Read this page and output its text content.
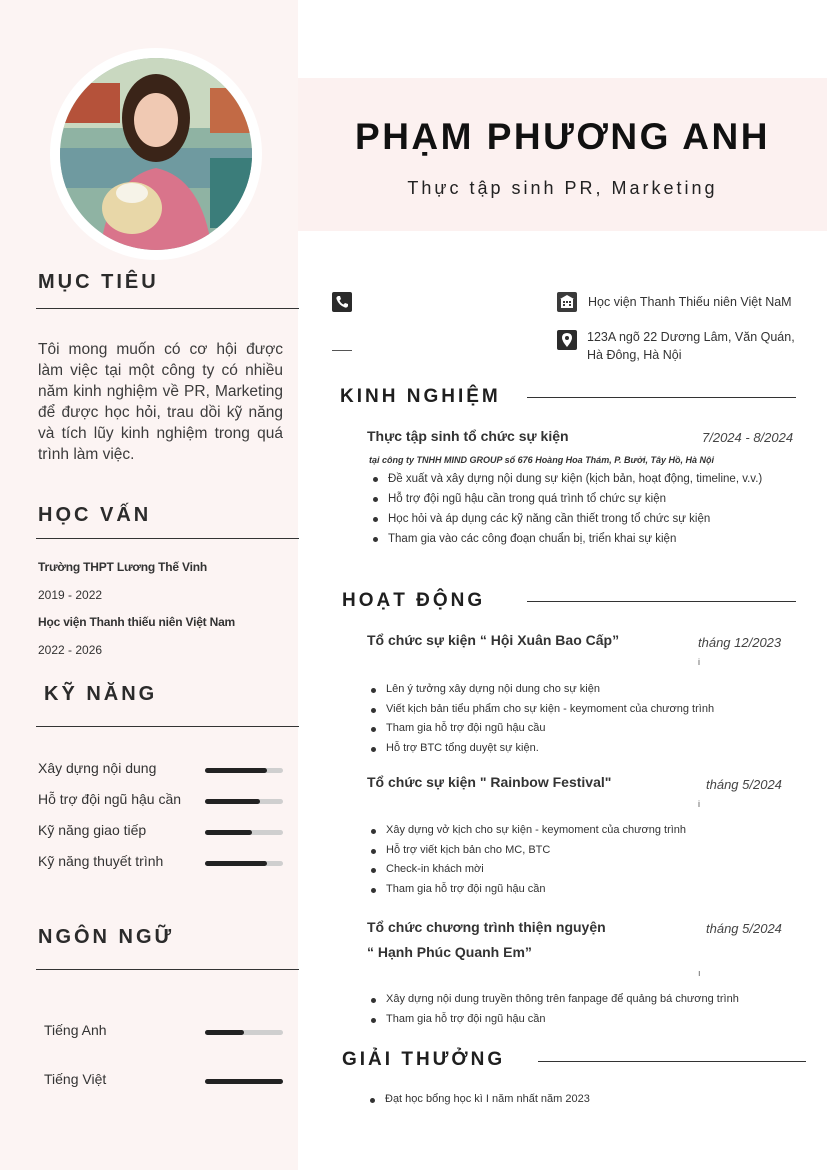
MỤC TIÊU
Tôi mong muốn có cơ hội được làm việc tại một công ty có nhiều năm kinh nghiệm về PR, Marketing để được học hỏi, trau dồi kỹ năng và tích lũy kinh nghiệm trong quá trình làm việc.
HỌC VẤN
Trường THPT Lương Thế Vinh
2019 - 2022
Học viện Thanh thiếu niên Việt Nam
2022 - 2026
KỸ NĂNG
Xây dựng nội dung
Hỗ trợ đội ngũ hậu cần
Kỹ năng giao tiếp
Kỹ năng thuyết trình
NGÔN NGỮ
Tiếng Anh
Tiếng Việt
PHẠM PHƯƠNG ANH
Thực tập sinh PR, Marketing
Học viện Thanh Thiếu niên Việt NaM
123A ngõ 22 Dương Lâm, Văn Quán, Hà Đông, Hà Nội
KINH NGHIỆM
Thực tập sinh tổ chức sự kiện	7/2024 - 8/2024
tại công ty TNHH MIND GROUP số 676 Hoàng Hoa Thám, P. Bưởi, Tây Hồ, Hà Nội
Đề xuất và xây dựng nội dung sự kiện (kịch bản, hoạt động, timeline, v.v.)
Hỗ trợ đội ngũ hậu cần trong quá trình tổ chức sự kiện
Học hỏi và áp dụng các kỹ năng cần thiết trong tổ chức sự kiện
Tham gia vào các công đoạn chuẩn bị, triển khai sự kiện
HOẠT ĐỘNG
Tổ chức sự kiện “ Hội Xuân Bao Cấp”	tháng 12/2023
i
Lên ý tưởng xây dựng nội dung cho sự kiện
Viết kịch bản tiểu phẩm cho sự kiện - keymoment của chương trình
Tham gia hỗ trợ đội ngũ hậu cầu
Hỗ trợ BTC tổng duyệt sự kiện.
Tổ chức sự kiện " Rainbow Festival"	tháng 5/2024
i
Xây dựng vở kịch cho sự kiện - keymoment của chương trình
Hỗ trợ viết kịch bản cho MC, BTC
Check-in khách mời
Tham gia hỗ trợ đội ngũ hậu cần
Tổ chức chương trình thiện nguyện
“ Hạnh Phúc Quanh Em”
tháng 5/2024
ı
Xây dựng nội dung truyền thông trên fanpage để quảng bá chương trình
Tham gia hỗ trợ đội ngũ hậu cần
GIẢI THƯỞNG
Đạt học bổng học kì I năm nhất năm 2023
